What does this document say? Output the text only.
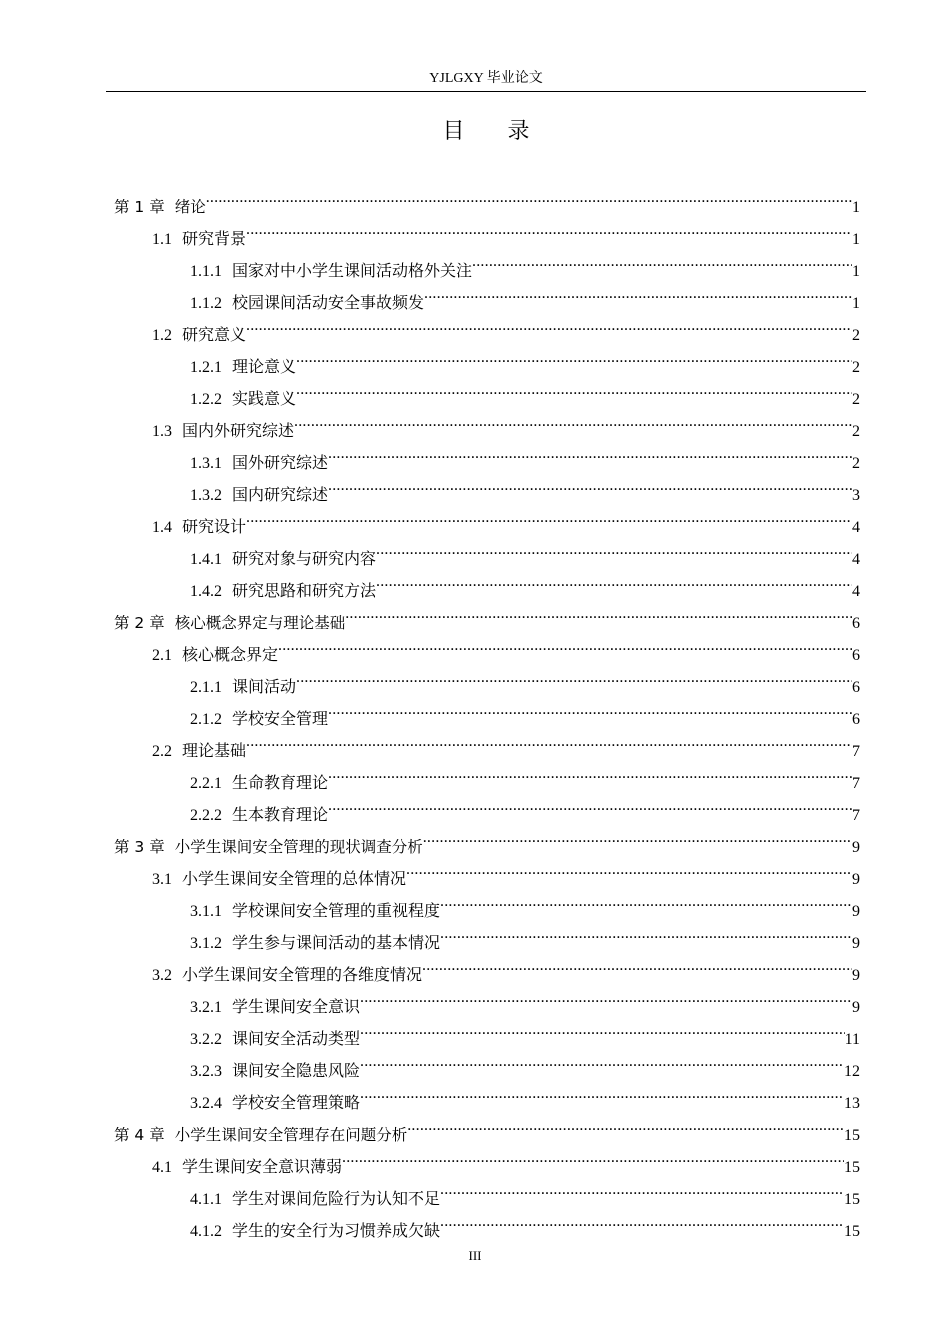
YJLGXY 毕业论文
目 录
第 1 章 绪论 .....	1
1.1 研究背景 .....	1
1.1.1 国家对中小学生课间活动格外关注 .....	1
1.1.2 校园课间活动安全事故频发 .....	1
1.2 研究意义 .....	2
1.2.1 理论意义 .....	2
1.2.2 实践意义 .....	2
1.3 国内外研究综述 .....	2
1.3.1 国外研究综述 .....	2
1.3.2 国内研究综述 .....	3
1.4 研究设计 .....	4
1.4.1 研究对象与研究内容 .....	4
1.4.2 研究思路和研究方法 .....	4
第 2 章 核心概念界定与理论基础 .....	6
2.1 核心概念界定 .....	6
2.1.1 课间活动 .....	6
2.1.2 学校安全管理 .....	6
2.2 理论基础 .....	7
2.2.1 生命教育理论 .....	7
2.2.2 生本教育理论 .....	7
第 3 章 小学生课间安全管理的现状调查分析 .....	9
3.1 小学生课间安全管理的总体情况 .....	9
3.1.1 学校课间安全管理的重视程度 .....	9
3.1.2 学生参与课间活动的基本情况 .....	9
3.2 小学生课间安全管理的各维度情况 .....	9
3.2.1 学生课间安全意识 .....	9
3.2.2 课间安全活动类型 .....	11
3.2.3 课间安全隐患风险 .....	12
3.2.4 学校安全管理策略 .....	13
第 4 章 小学生课间安全管理存在问题分析 .....	15
4.1 学生课间安全意识薄弱 .....	15
4.1.1 学生对课间危险行为认知不足 .....	15
4.1.2 学生的安全行为习惯养成欠缺 .....	15
III
